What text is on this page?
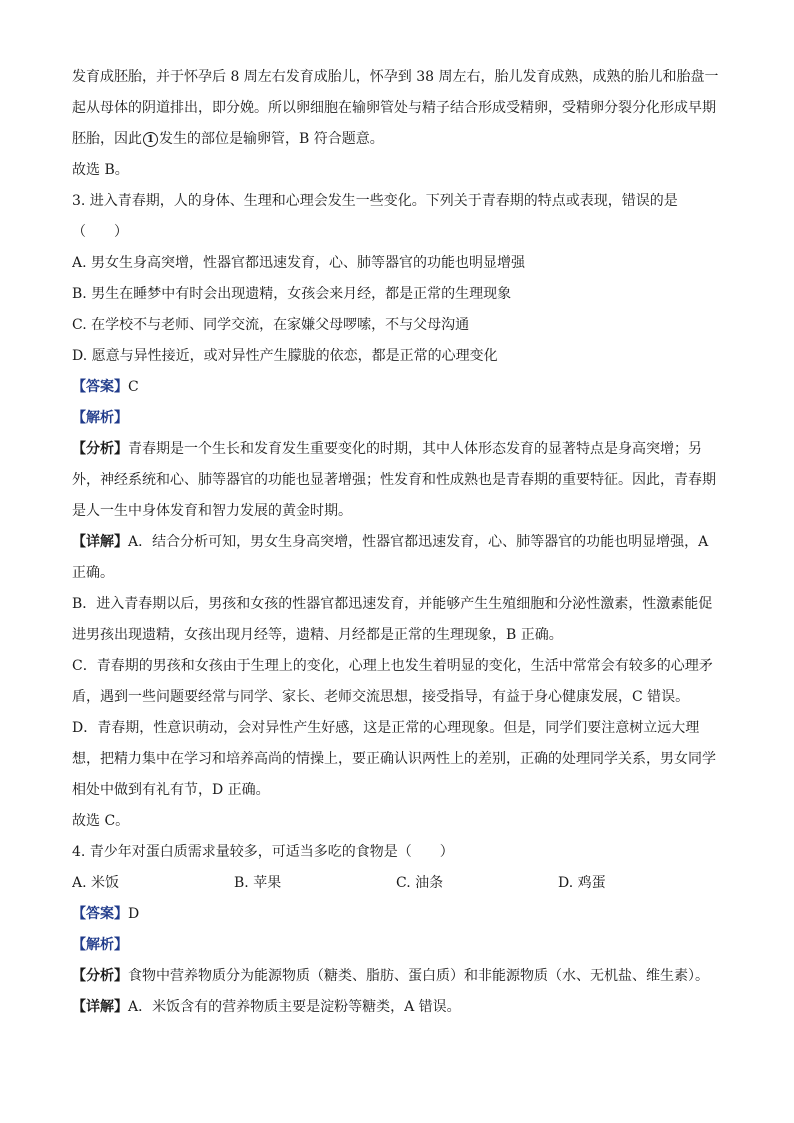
发育成胚胎，并于怀孕后 8 周左右发育成胎儿，怀孕到 38 周左右，胎儿发育成熟，成熟的胎儿和胎盘一
起从母体的阴道排出，即分娩。所以卵细胞在输卵管处与精子结合形成受精卵，受精卵分裂分化形成早期
胚胎，因此 1 发生的部位是输卵管，B 符合题意。
故选 B。
3. 进入青春期，人的身体、生理和心理会发生一些变化。下列关于青春期的特点或表现，错误的是
（　　）
A. 男女生身高突增，性器官都迅速发育，心、肺等器官的功能也明显增强
B. 男生在睡梦中有时会出现遗精，女孩会来月经，都是正常的生理现象
C. 在学校不与老师、同学交流，在家嫌父母啰嗦，不与父母沟通
D. 愿意与异性接近，或对异性产生朦胧的依恋，都是正常的心理变化
【答案】C
【解析】
【分析】青春期是一个生长和发育发生重要变化的时期，其中人体形态发育的显著特点是身高突增；另
外，神经系统和心、肺等器官的功能也显著增强；性发育和性成熟也是青春期的重要特征。因此，青春期
是人一生中身体发育和智力发展的黄金时期。
【详解】A．结合分析可知，男女生身高突增，性器官都迅速发育，心、肺等器官的功能也明显增强，A
正确。
B．进入青春期以后，男孩和女孩的性器官都迅速发育，并能够产生生殖细胞和分泌性激素，性激素能促
进男孩出现遗精，女孩出现月经等，遗精、月经都是正常的生理现象，B 正确。
C．青春期的男孩和女孩由于生理上的变化，心理上也发生着明显的变化，生活中常常会有较多的心理矛
盾，遇到一些问题要经常与同学、家长、老师交流思想，接受指导，有益于身心健康发展，C 错误。
D．青春期，性意识萌动，会对异性产生好感，这是正常的心理现象。但是，同学们要注意树立远大理
想，把精力集中在学习和培养高尚的情操上，要正确认识两性上的差别，正确的处理同学关系，男女同学
相处中做到有礼有节，D 正确。
故选 C。
4. 青少年对蛋白质需求量较多，可适当多吃的食物是（　　）
A. 米饭	B. 苹果	C. 油条	D. 鸡蛋
【答案】D
【解析】
【分析】食物中营养物质分为能源物质（糖类、脂肪、蛋白质）和非能源物质（水、无机盐、维生素）。
【详解】A．米饭含有的营养物质主要是淀粉等糖类，A 错误。
